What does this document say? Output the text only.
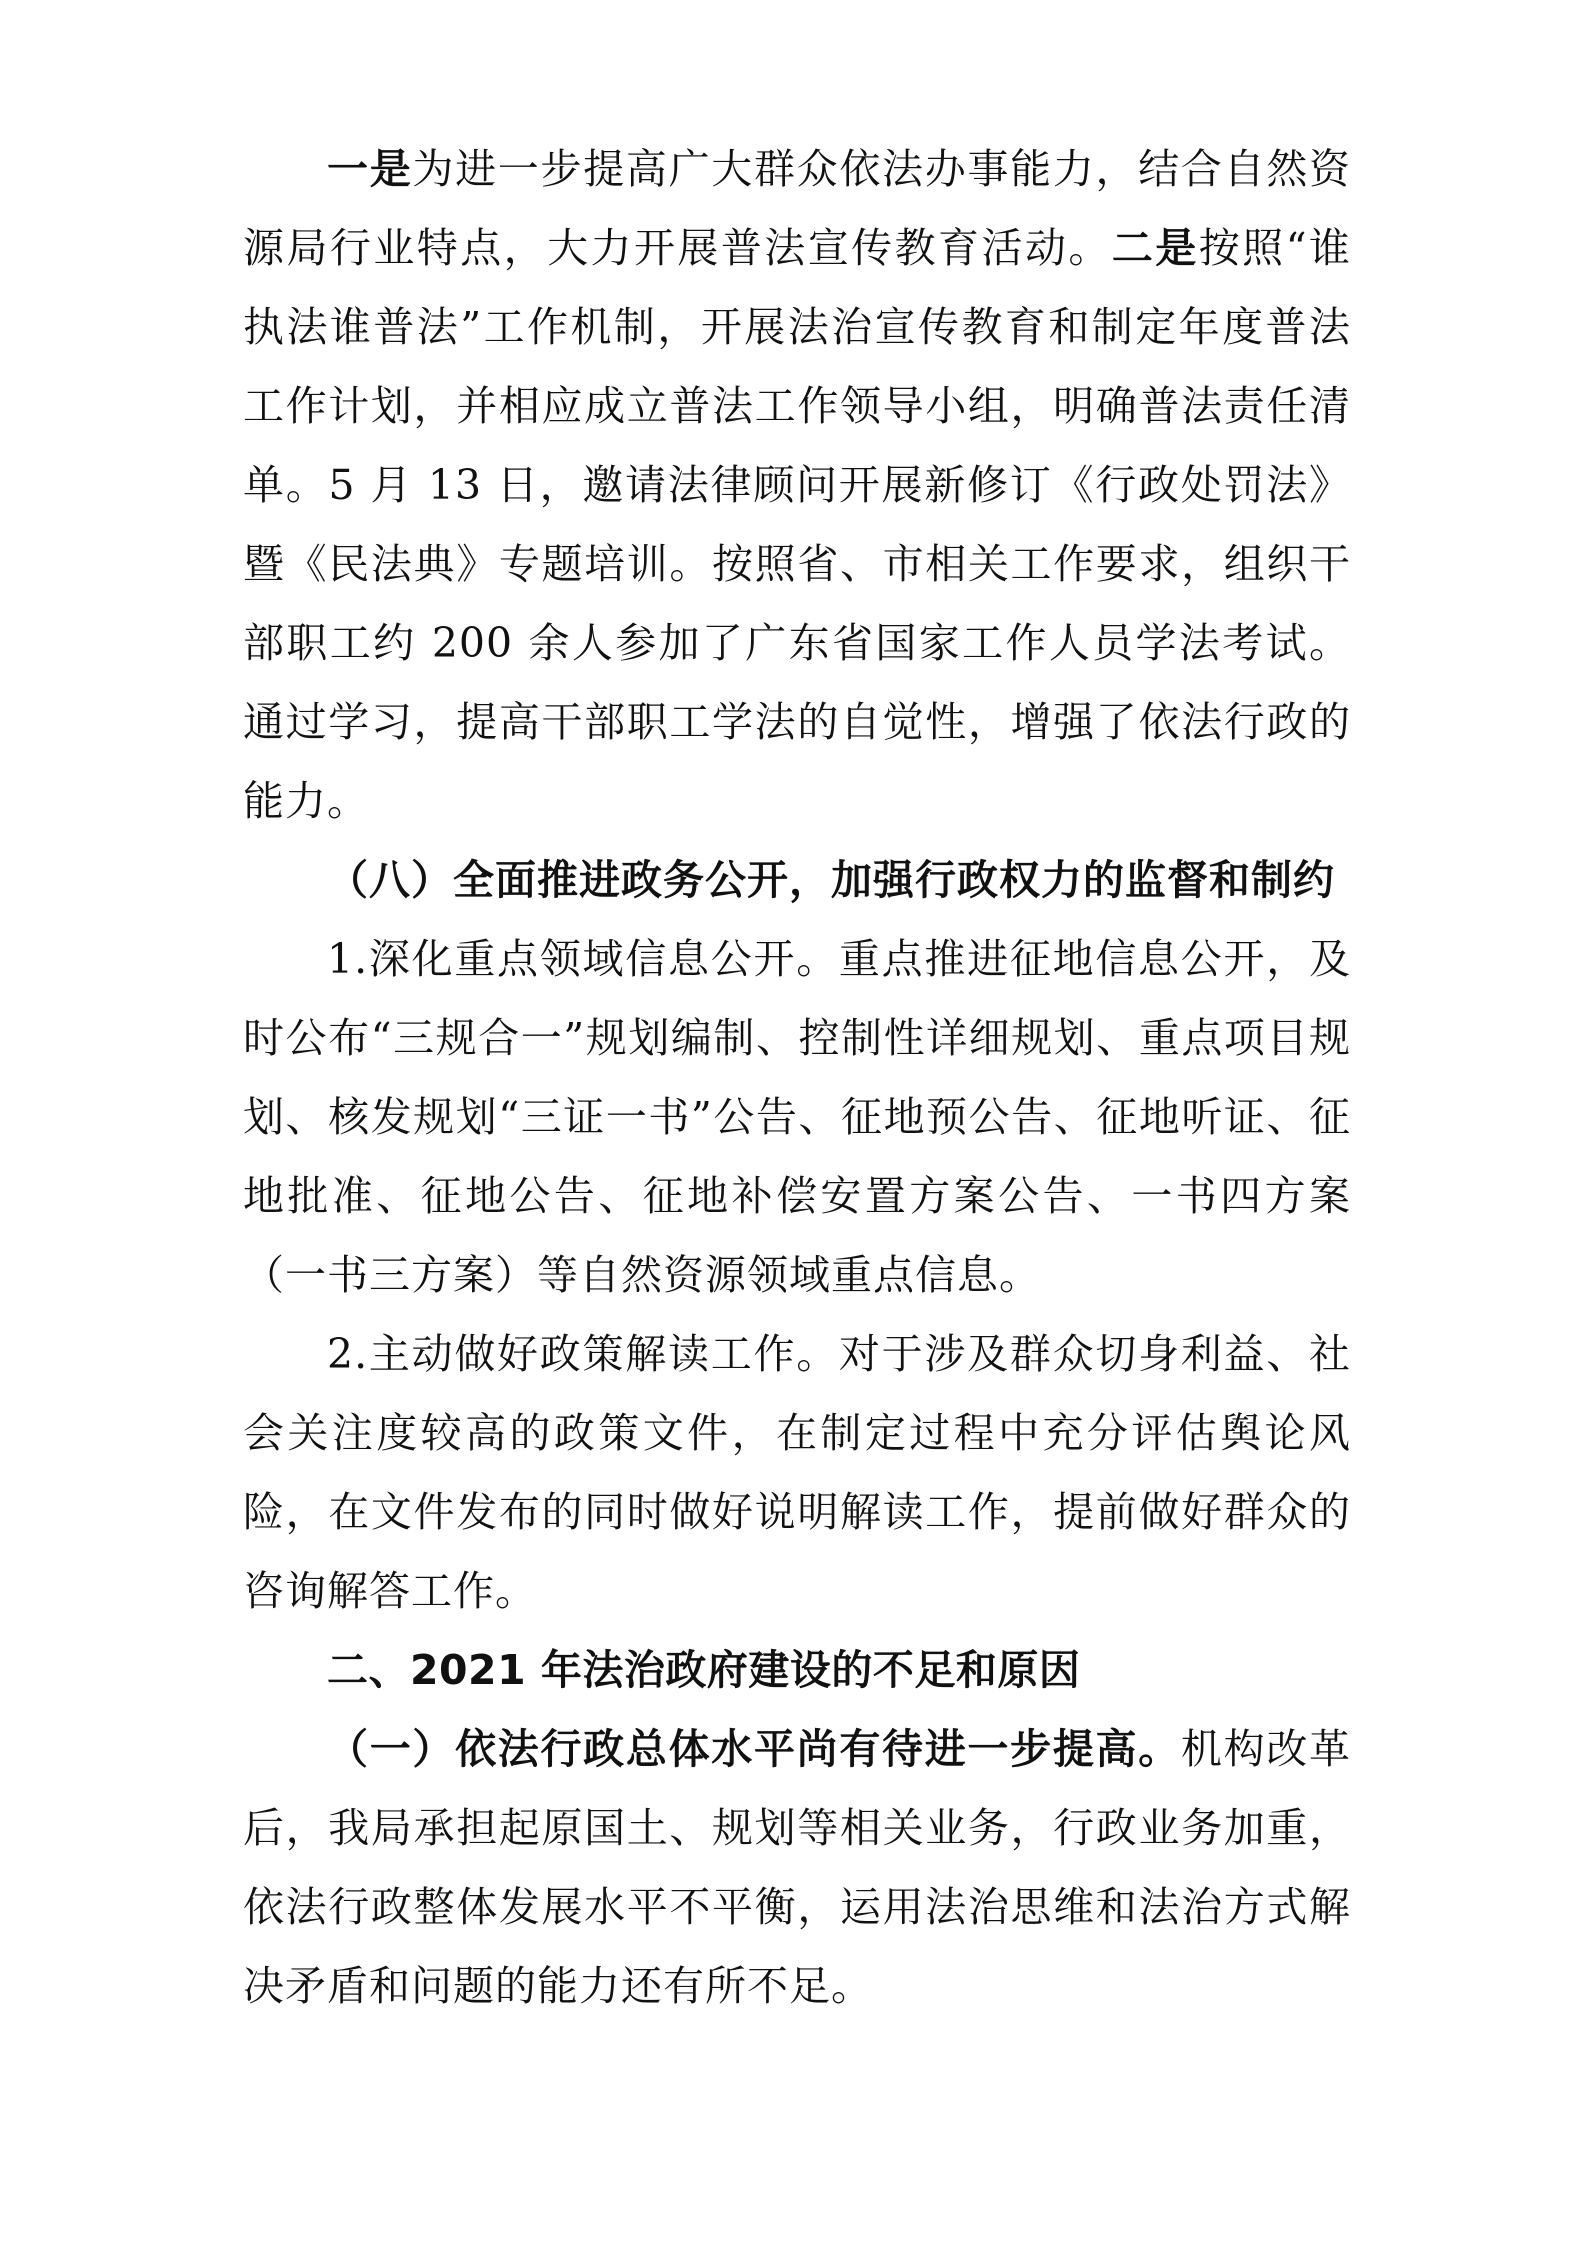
一是为进一步提高广大群众依法办事能力，结合自然资源局行业特点，大力开展普法宣传教育活动。二是按照“谁执法谁普法”工作机制，开展法治宣传教育和制定年度普法工作计划，并相应成立普法工作领导小组，明确普法责任清单。5 月 13 日，邀请法律顾问开展新修订《行政处罚法》暨《民法典》专题培训。按照省、市相关工作要求，组织干部职工约 200 余人参加了广东省国家工作人员学法考试。通过学习，提高干部职工学法的自觉性，增强了依法行政的能力。

（八）全面推进政务公开，加强行政权力的监督和制约

1.深化重点领域信息公开。重点推进征地信息公开，及时公布“三规合一”规划编制、控制性详细规划、重点项目规划、核发规划“三证一书”公告、征地预公告、征地听证、征地批准、征地公告、征地补偿安置方案公告、一书四方案（一书三方案）等自然资源领域重点信息。

2.主动做好政策解读工作。对于涉及群众切身利益、社会关注度较高的政策文件，在制定过程中充分评估舆论风险，在文件发布的同时做好说明解读工作，提前做好群众的咨询解答工作。

二、2021 年法治政府建设的不足和原因

（一）依法行政总体水平尚有待进一步提高。机构改革后，我局承担起原国土、规划等相关业务，行政业务加重，依法行政整体发展水平不平衡，运用法治思维和法治方式解决矛盾和问题的能力还有所不足。
